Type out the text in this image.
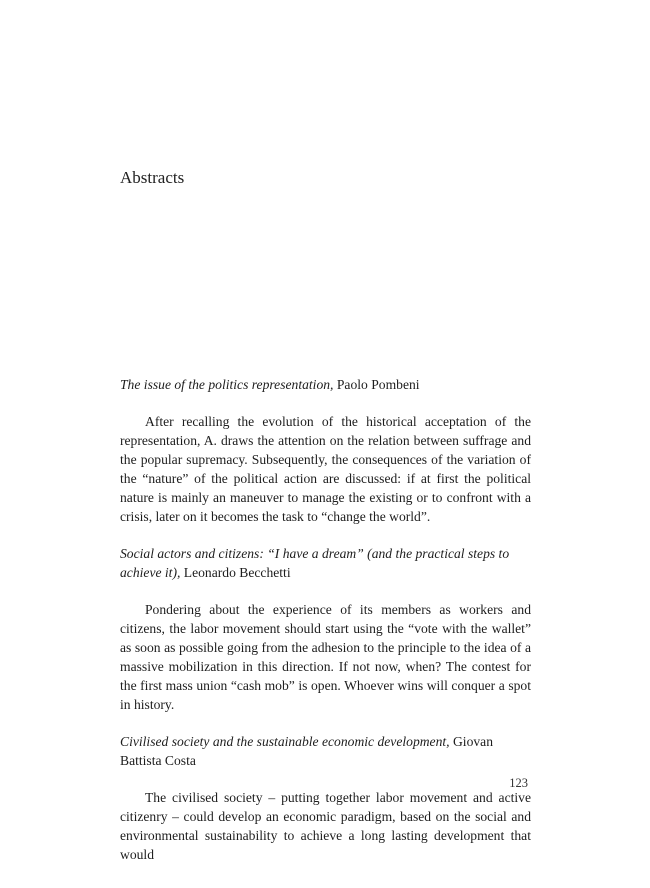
Abstracts

The issue of the politics representation, Paolo Pombeni

After recalling the evolution of the historical acceptation of the representation, A. draws the attention on the relation between suffrage and the popular supremacy. Subsequently, the consequences of the variation of the “nature” of the political action are discussed: if at first the political nature is mainly an maneuver to manage the existing or to confront with a crisis, later on it becomes the task to “change the world”.

Social actors and citizens: “I have a dream” (and the practical steps to achieve it), Leonardo Becchetti

Pondering about the experience of its members as workers and citizens, the labor movement should start using the “vote with the wallet” as soon as possible going from the adhesion to the principle to the idea of a massive mobilization in this direction. If not now, when? The contest for the first mass union “cash mob” is open. Whoever wins will conquer a spot in history.

Civilised society and the sustainable economic development, Giovan Battista Costa

The civilised society – putting together labor movement and active citizenry – could develop an economic paradigm, based on the social and environmental sustainability to achieve a long lasting development that would

123
